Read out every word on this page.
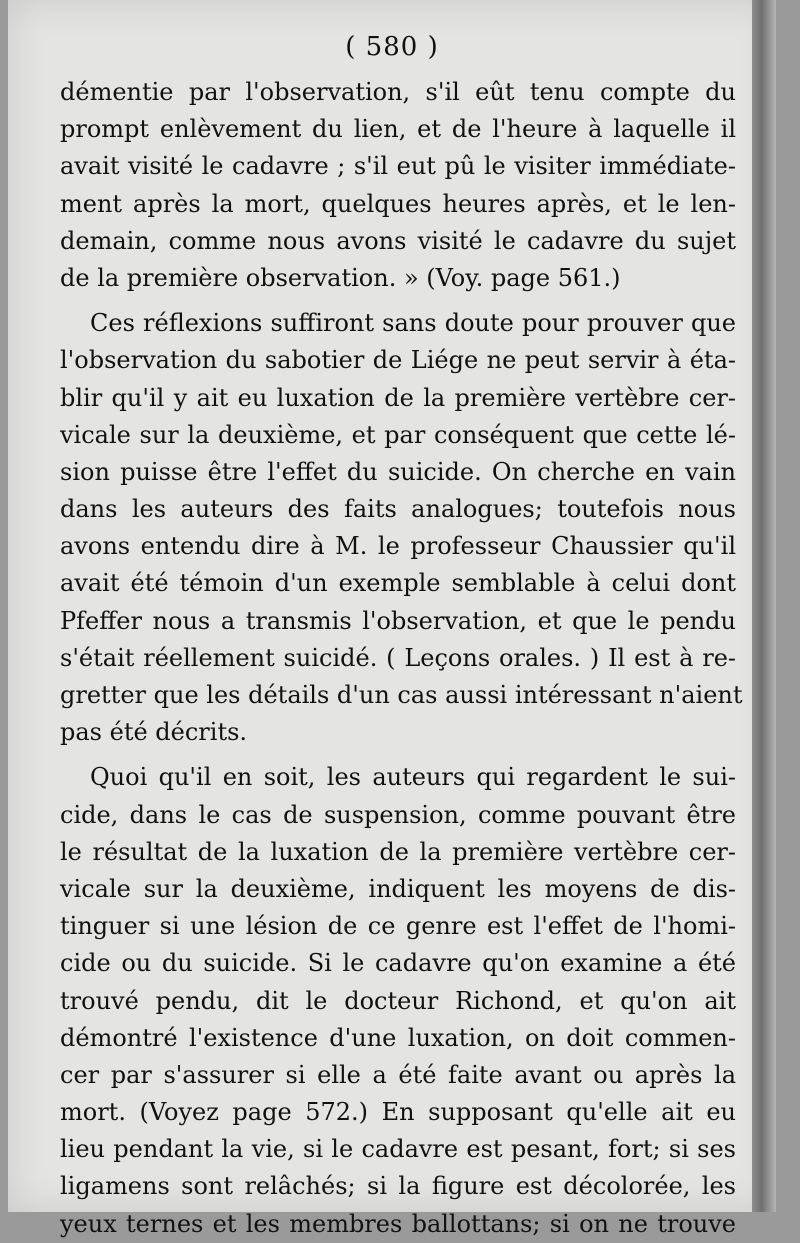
( 580 )
démentie par l'observation, s'il eût tenu compte du
prompt enlèvement du lien, et de l'heure à laquelle il
avait visité le cadavre ; s'il eut pû le visiter immédiate-
ment après la mort, quelques heures après, et le len-
demain, comme nous avons visité le cadavre du sujet
de la première observation. » (Voy. page 561.)
Ces réflexions suffiront sans doute pour prouver que
l'observation du sabotier de Liége ne peut servir à éta-
blir qu'il y ait eu luxation de la première vertèbre cer-
vicale sur la deuxième, et par conséquent que cette lé-
sion puisse être l'effet du suicide. On cherche en vain
dans les auteurs des faits analogues; toutefois nous
avons entendu dire à M. le professeur Chaussier qu'il
avait été témoin d'un exemple semblable à celui dont
Pfeffer nous a transmis l'observation, et que le pendu
s'était réellement suicidé. ( Leçons orales. ) Il est à re-
gretter que les détails d'un cas aussi intéressant n'aient
pas été décrits.
Quoi qu'il en soit, les auteurs qui regardent le sui-
cide, dans le cas de suspension, comme pouvant être
le résultat de la luxation de la première vertèbre cer-
vicale sur la deuxième, indiquent les moyens de dis-
tinguer si une lésion de ce genre est l'effet de l'homi-
cide ou du suicide. Si le cadavre qu'on examine a été
trouvé pendu, dit le docteur Richond, et qu'on ait
démontré l'existence d'une luxation, on doit commen-
cer par s'assurer si elle a été faite avant ou après la
mort. (Voyez page 572.) En supposant qu'elle ait eu
lieu pendant la vie, si le cadavre est pesant, fort; si ses
ligamens sont relâchés; si la figure est décolorée, les
yeux ternes et les membres ballottans; si on ne trouve
